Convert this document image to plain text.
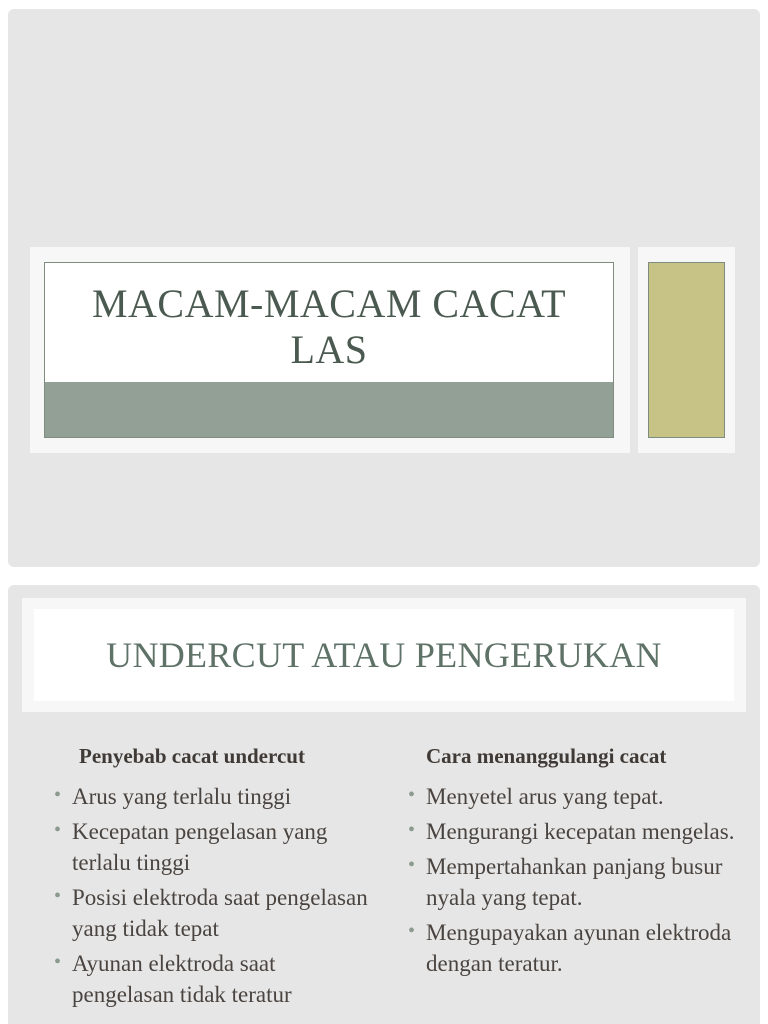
MACAM-MACAM CACAT LAS
UNDERCUT ATAU PENGERUKAN
Penyebab cacat undercut
• Arus yang terlalu tinggi
• Kecepatan pengelasan yang terlalu tinggi
• Posisi elektroda saat pengelasan yang tidak tepat
• Ayunan elektroda saat pengelasan tidak teratur
Cara menanggulangi cacat
• Menyetel arus yang tepat.
• Mengurangi kecepatan mengelas.
• Mempertahankan panjang busur nyala yang tepat.
• Mengupayakan ayunan elektroda dengan teratur.
